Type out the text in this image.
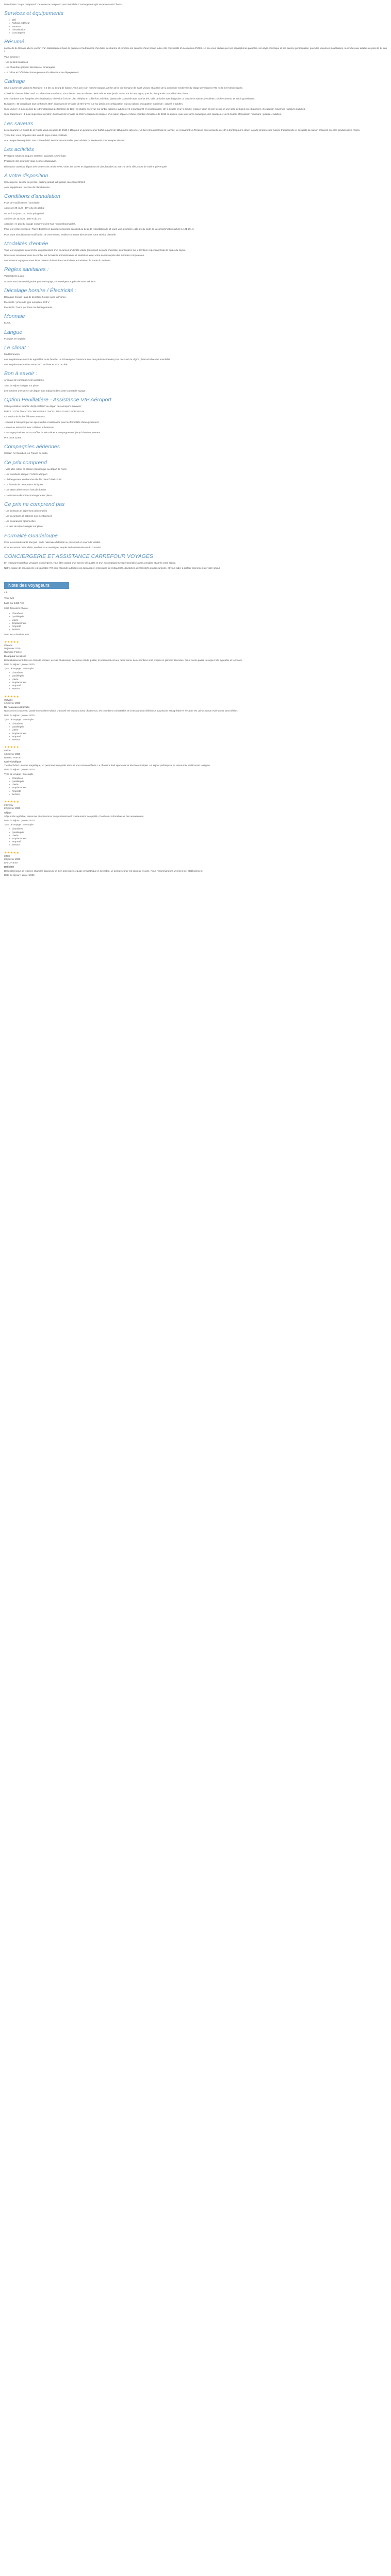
Description Ce que comprend : Ce qu'on ne comprend pas Formalités Conciergerie Logis Vacances Avis Clients

Services et équipements
▪ Wifi
▪ Parking extérieur
▪ Terrasse
▪ Climatisation
▪ Conciergerie
Résumé

La Ruelle de Rosalie allie le confort d'un établissement haut de gamme à l'authenticité d'un hôtel de charme et combine les services d'une bonne table et la convivialité d'une maison d'hôtes. Le lieu vous séduira par ses atmosphères paisibles, son style éclectique et son service personnalisé, pour des vacances inoubliables, réservées aux adultes de plus de 14 ans !

Vous aimerez :

- Les petites boutiques

- Les chambres joliment décorées et aménagées

- Le calme et l'hôtel de charme propice à la détente et au dépaysement

Cadrage

Situé à 12 km de Vaison-la-Romaine, à 2 km du bourg de Sainte-Anne avec son marché typique, à 8 km de la cité romaine de Saint-Vivant, et à 3 km de la commune médiévale du village de Vaisons (700 m) la mer Méditerranée.

L'hôtel de charme "label rosé" a 3 chambres standards, six suites et une tour d'un et demi mètres avec jardin et vue sur la campagne, pour la plus grande tranquillité des clients.

Les chambres sont équipées de climatisation, télévision à écran plat, téléphone, coffre-fort, mini-bar, plateau de courtoisie avec café et thé, salle de bains avec baignoire ou douche et articles de toilette ; sèche-cheveux et miroir grossissant.

Bungalow : 40 bungalows tout confort de 28m² disposant de terrasse de 8m² avec vue sur jardin, en configuration tout au balcon. Occupation maximum : jusqu'à 3 adultes.

Suite Junior : 2 suites junior de 44m² disposant de terrasse de 12m² en duplex avec vue sur jardin, jusqu'à 4 adultes et 1 enfant par lit en configuration. Un lit double et un lit simple, espace salon et coin lecture et une salle de bains avec baignoire. Occupation maximum : jusqu'à 4 adultes.

Suite Supérieure : 1 suite supérieure de 54m² disposant de terrasse de 22m² entièrement équipée, d'un salon séparé et d'une chambre climatisée de 2016 en duplex, avec vue sur la campagne, des canapés et un lit double. Occupation maximum : jusqu'à 4 adultes.

Les saveurs

Le restaurant: Le bistrot de la Ruelle vous accueille de 8h30 à 10h pour un petit déjeuner buffet, à partir de 12h pour le déjeuner. Un bar est ouvert toute la journée. Le restaurant La Terrasse vous accueille de 19h à 21h30 pour le dîner, la carte propose une cuisine traditionnelle et des plats de saison préparés avec les produits de la région.

Types Bar: vous proposes des vins de pays et des cocktails.

Aux usages bien équipés: une cuisine d'été, service de sommelier pour adultes ou seulement pour le repas du soir.

Les activités

Prestiges: Chaises longues, terrasse, parasols, sèche-bain.

Pratiques: des cours de yoga, séance d'aquagym.

Découvrez aussi au départ des sentiers de randonnées, visite des caves et dégustation de vins, balades au marché de la ville, cours de cuisine provençale.

A votre disposition

Conciergerie, service de presse, parking gratuit, wifi gratuit, réception 24h/24.

Avec supplément : service de blanchisserie.

Conditions d'annulation

Frais de modifications / annulation :

A plus de 30 jours : 10% du prix global

De 30 à 15 jours : 50 % du prix global

A moins de 15 jours : 100 % du prix

Attention : le prix du voyage comprend des frais non remboursables.

Pour les ventes voyages : Travel Express et package n'ouvrent pas droit au délai de rétractation de 14 jours visé à l'article L.121-21 du code de la consommation (article L.121-20-4).

Pour toute annulation ou modification de votre séjour, veuillez contacter directement notre service clientèle.

Modalités d'entrée

Tous les voyageurs doivent être en possession d'un document d'identité valide (passeport ou carte d'identité) pour l'entrée sur le territoire et pendant toute la durée du séjour.

Nous vous recommandons de vérifier les formalités administratives et sanitaires avant votre départ auprès des autorités compétentes.

Les mineurs voyageant sans leurs parents doivent être munis d'une autorisation de sortie du territoire.

Règles sanitaires :

Vaccinations à jour.

Aucune vaccination obligatoire pour ce voyage, se renseigner auprès de votre médecin.

Décalage horaire / Électricité :

Décalage horaire : pas de décalage horaire avec la France.

Électricité : prises de type européen, 220 V.

Électricité : fourni par Tous nos hébergements.

Monnaie

Euros.

Langue

Français et l'anglais.

Le climat :

Méditerranéen.

Les températures sont très agréables toute l'année. Le Printemps et l'automne sont des périodes idéales pour découvrir la région ; l'été est chaud et ensoleillé.

Les températures varient entre 10°C en hiver et 30°C en été.

Bon à savoir :

Animaux de compagnie non acceptés.

Taxe de séjour à régler sur place.

Les horaires d'arrivée et de départ sont indiqués dans votre carnet de voyage.

Option Peuillatière - Assistance VIP Aéroport

Cette prestation valable UNIQUEMENT au départ des aéroports suivants :

PARIS / LYON / NANTES / MARSEILLE / NICE / TOULOUSE / BORDEAUX

Ce service inclut les éléments suivants :

- Accueil à l'aéroport par un agent dédié et assistance pour les formalités d'enregistrement

- Accès au salon VIP avec collation et boissons

- Passage prioritaire aux contrôles de sécurité et accompagnement jusqu'à l'embarquement

Prix base 2 pers.

Compagnies aériennes

Corsair, Air Caraïbes, Air France ou autre.

Ce prix comprend

- Vols aller-retour en classe économique au départ de Paris

- Les transferts aéroport / hôtel / aéroport

- L'hébergement en chambre double dans l'hôtel choisi

- La formule de restauration indiquée

- Les taxes aériennes et frais de dossier

- L'assistance de notre conciergerie sur place

Ce prix ne comprend pas

- Les boissons et dépenses personnelles

- Les excursions et activités non mentionnées

- Les assurances optionnelles

- La taxe de séjour à régler sur place

Formalité Guadeloupe

Pour les ressortissants français : carte nationale d'identité ou passeport en cours de validité.

Pour les autres nationalités, veuillez vous renseigner auprès de l'ambassade ou du consulat.

CONCIERGERIE ET ASSISTANCE CARREFOUR VOYAGES

En réservant Carrefour Voyages Conciergerie, vous êtes assuré d'un service de qualité et d'un accompagnement personnalisé avant, pendant et après votre séjour.

Notre équipe de conciergerie est joignable 7j/7 pour répondre à toutes vos demandes : réservation de restaurants, d'activités, de transferts ou d'excursions, et vous aider à profiter pleinement de votre séjour.

Note des voyageurs

4.6

Total avis

basé sur 1462 Avis

2020 Travelers Choice

▪ Chambres
▪ Qualité/prix
▪ Literie
▪ Emplacement
▪ Propreté
▪ Service

Voici les 5 derniers avis

★★★★★

Océane

05 janvier 2020

Quimper, France

Idéal pour se poser

Bel établissement dans un écrin de verdure, accueil chaleureux, la cuisine est de qualité, le personnel est aux petits soins. Les chambres sont propres et joliment décorées. Nous avons passé un séjour très agréable et reposant.

Date du séjour : janvier 2020

Type de voyage : En couple

▪ Chambres
▪ Qualité/prix
▪ Literie
▪ Emplacement
▪ Propreté
▪ Service

★★★★★

stefvalle

12 janvier 2020

De nouveau confirmés

Nous avons à nouveau passé un excellent séjour. L'accueil est toujours aussi chaleureux, les chambres confortables et la restauration délicieuse. La piscine est agréable et le cadre est calme. Nous reviendrons sans hésiter.

Date du séjour : janvier 2020

Type de voyage : En couple

▪ Chambres
▪ Qualité/prix
▪ Literie
▪ Emplacement
▪ Propreté
▪ Service

★★★★★

carine

18 janvier 2020

Nantes, France

Cadre idyllique

Très bel hôtel, une vue magnifique, un personnel aux petits soins et une cuisine raffinée. La chambre était spacieuse et très bien équipée. Un séjour parfait pour se ressourcer et découvrir la région.

Date du séjour : janvier 2020

Type de voyage : En couple

▪ Chambres
▪ Qualité/prix
▪ Literie
▪ Emplacement
▪ Propreté
▪ Service

★★★★★

mleremy

22 janvier 2020

Séjour

Séjour très agréable, personnel attentionné et très professionnel. Restauration de qualité, chambres confortables et bien entretenues.

Date du séjour : janvier 2020

Type de voyage : En couple

▪ Chambres
▪ Qualité/prix
▪ Literie
▪ Emplacement
▪ Propreté
▪ Service

★★★★★

lefilet

28 janvier 2020

Lyon, France

Bel hôtel

Bel endroit pour se reposer, chambre spacieuse et bien aménagée, équipe sympathique et serviable. Le petit déjeuner est copieux et varié. Nous recommandons vivement cet établissement.

Date du séjour : janvier 2020
